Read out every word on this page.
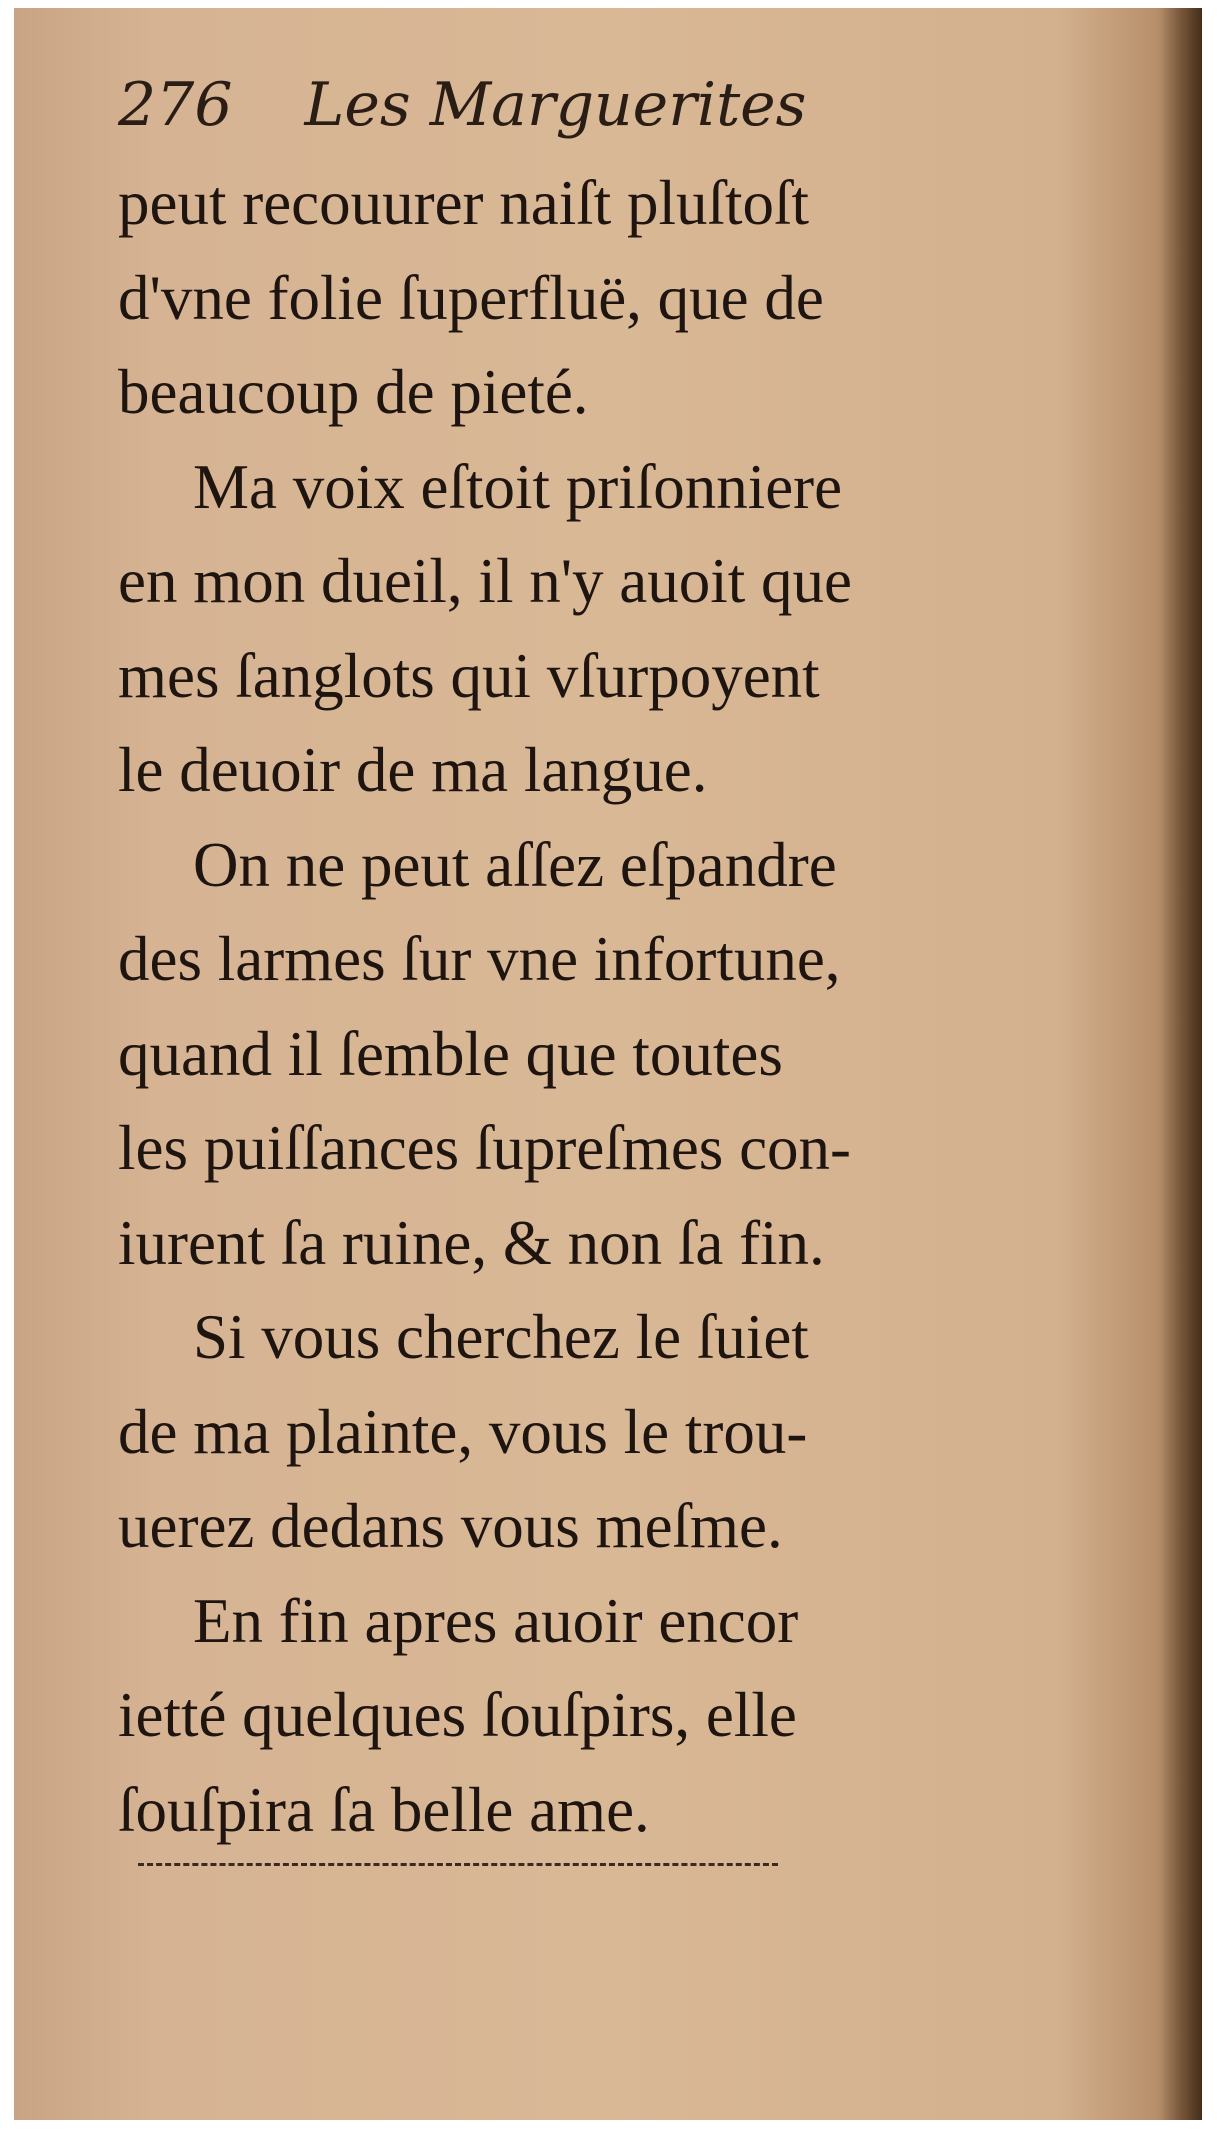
276 Les Marguerites
peut recouurer naiſt pluſtoſt
d'vne folie ſuperfluë, que de
beaucoup de pieté.
Ma voix eſtoit priſonniere
en mon dueil, il n'y auoit que
mes ſanglots qui vſurpoyent
le deuoir de ma langue.
On ne peut aſſez eſpandre
des larmes ſur vne infortune,
quand il ſemble que toutes
les puiſſances ſupreſmes con-
iurent ſa ruine, & non ſa fin.
Si vous cherchez le ſuiet
de ma plainte, vous le trou-
uerez dedans vous meſme.
En fin apres auoir encor
ietté quelques ſouſpirs, elle
ſouſpira ſa belle ame.
